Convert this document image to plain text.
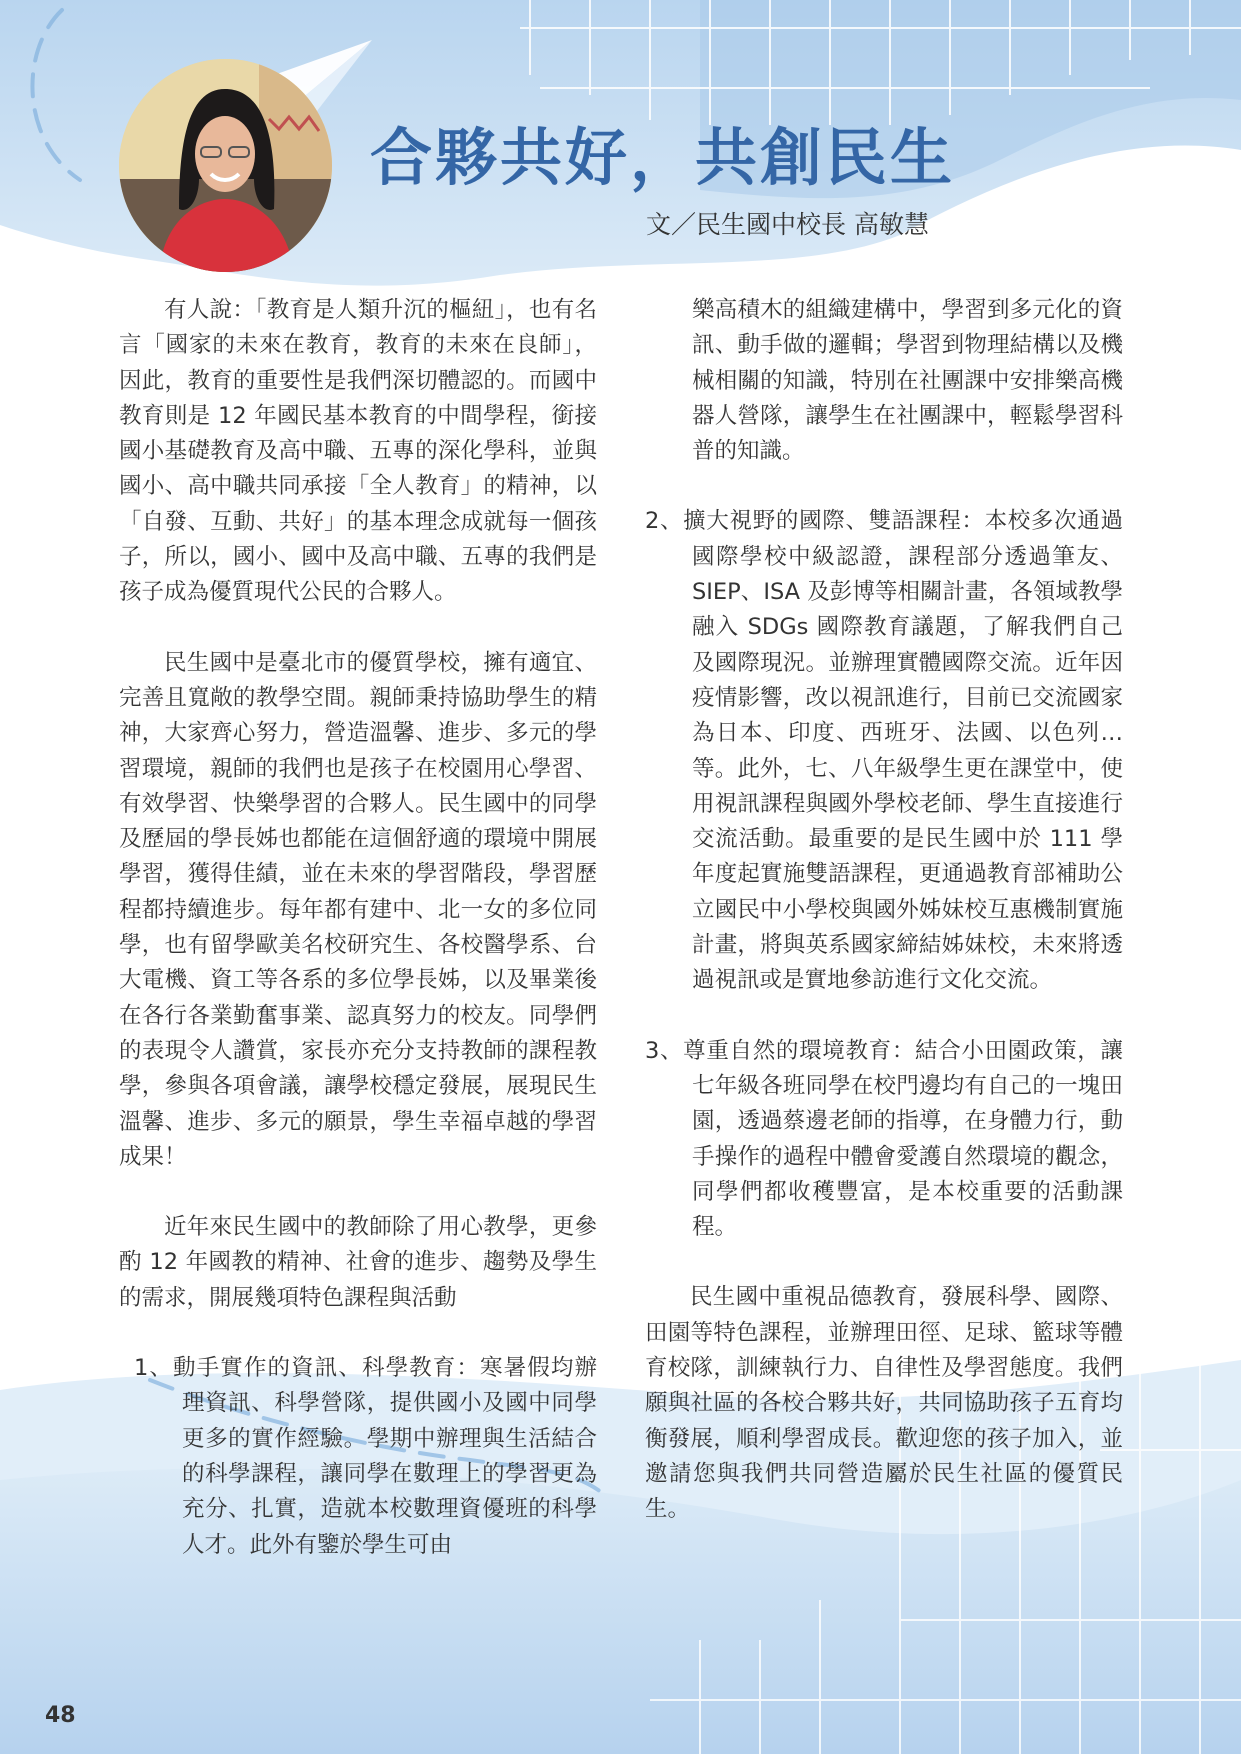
合夥共好，共創民生
文／民生國中校長 高敏慧

有人說：「教育是人類升沉的樞紐」，也有名言「國家的未來在教育，教育的未來在良師」，因此，教育的重要性是我們深切體認的。而國中教育則是 12 年國民基本教育的中間學程，銜接國小基礎教育及高中職、五專的深化學科，並與國小、高中職共同承接「全人教育」的精神，以「自發、互動、共好」的基本理念成就每一個孩子，所以，國小、國中及高中職、五專的我們是孩子成為優質現代公民的合夥人。

民生國中是臺北市的優質學校，擁有適宜、完善且寬敞的教學空間。親師秉持協助學生的精神，大家齊心努力，營造溫馨、進步、多元的學習環境，親師的我們也是孩子在校園用心學習、有效學習、快樂學習的合夥人。民生國中的同學及歷屆的學長姊也都能在這個舒適的環境中開展學習，獲得佳績，並在未來的學習階段，學習歷程都持續進步。每年都有建中、北一女的多位同學，也有留學歐美名校研究生、各校醫學系、台大電機、資工等各系的多位學長姊，以及畢業後在各行各業勤奮事業、認真努力的校友。同學們的表現令人讚賞，家長亦充分支持教師的課程教學，參與各項會議，讓學校穩定發展，展現民生溫馨、進步、多元的願景，學生幸福卓越的學習成果！

近年來民生國中的教師除了用心教學，更參酌 12 年國教的精神、社會的進步、趨勢及學生的需求，開展幾項特色課程與活動

1、動手實作的資訊、科學教育：寒暑假均辦理資訊、科學營隊，提供國小及國中同學更多的實作經驗。學期中辦理與生活結合的科學課程，讓同學在數理上的學習更為充分、扎實，造就本校數理資優班的科學人才。此外有鑒於學生可由

樂高積木的組織建構中，學習到多元化的資訊、動手做的邏輯；學習到物理結構以及機械相關的知識，特別在社團課中安排樂高機器人營隊，讓學生在社團課中，輕鬆學習科普的知識。

2、擴大視野的國際、雙語課程：本校多次通過國際學校中級認證，課程部分透過筆友、SIEP、ISA 及彭博等相關計畫，各領域教學融入 SDGs 國際教育議題，了解我們自己及國際現況。並辦理實體國際交流。近年因疫情影響，改以視訊進行，目前已交流國家為日本、印度、西班牙、法國、以色列…等。此外，七、八年級學生更在課堂中，使用視訊課程與國外學校老師、學生直接進行交流活動。最重要的是民生國中於 111 學年度起實施雙語課程，更通過教育部補助公立國民中小學校與國外姊妹校互惠機制實施計畫，將與英系國家締結姊妹校，未來將透過視訊或是實地參訪進行文化交流。

3、尊重自然的環境教育：結合小田園政策，讓七年級各班同學在校門邊均有自己的一塊田園，透過蔡邊老師的指導，在身體力行，動手操作的過程中體會愛護自然環境的觀念，同學們都收穫豐富，是本校重要的活動課程。

民生國中重視品德教育，發展科學、國際、田園等特色課程，並辦理田徑、足球、籃球等體育校隊，訓練執行力、自律性及學習態度。我們願與社區的各校合夥共好，共同協助孩子五育均衡發展，順利學習成長。歡迎您的孩子加入，並邀請您與我們共同營造屬於民生社區的優質民生。

48
